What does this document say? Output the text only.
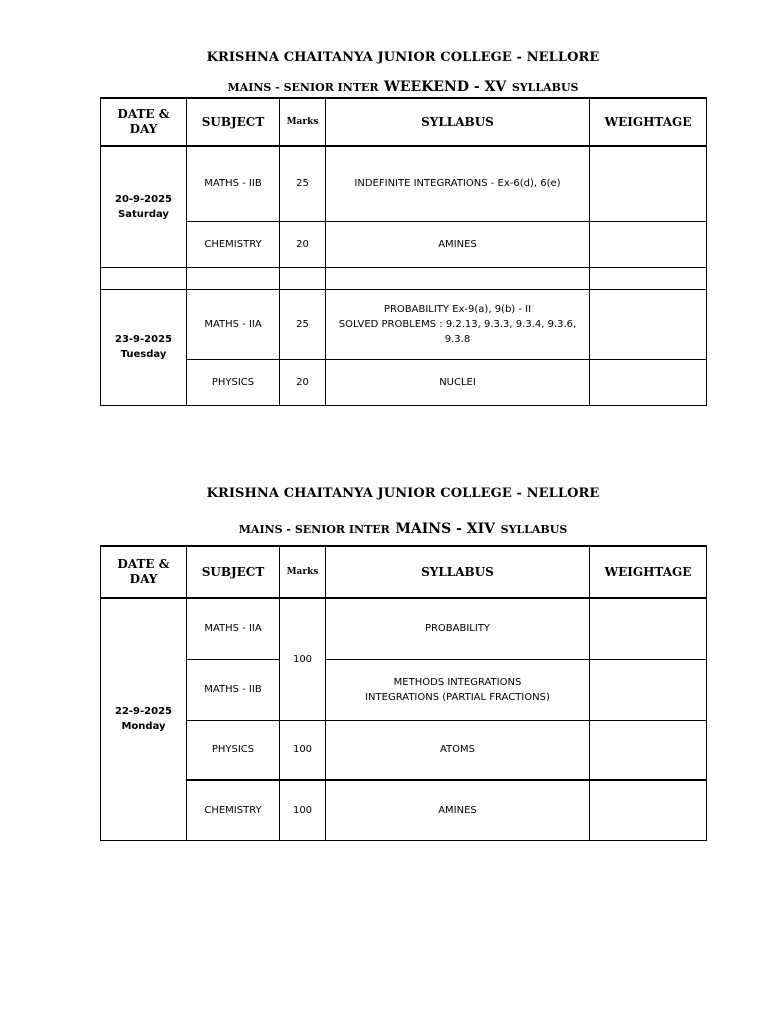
KRISHNA CHAITANYA JUNIOR COLLEGE - NELLORE
MAINS - SENIOR INTER WEEKEND - XV SYLLABUS
DATE & DAY	SUBJECT	Marks	SYLLABUS	WEIGHTAGE

20-9-2025
Saturday	MATHS - IIB	25	INDEFINITE INTEGRATIONS - Ex-6(d), 6(e)	

	CHEMISTRY	20	AMINES	

23-9-2025
Tuesday	MATHS - IIA	25	PROBABILITY Ex-9(a), 9(b) - II
SOLVED PROBLEMS : 9.2.13, 9.3.3, 9.3.4, 9.3.6, 9.3.8	

	PHYSICS	20	NUCLEI	

KRISHNA CHAITANYA JUNIOR COLLEGE - NELLORE
MAINS - SENIOR INTER MAINS - XIV SYLLABUS
DATE & DAY	SUBJECT	Marks	SYLLABUS	WEIGHTAGE

22-9-2025
Monday	MATHS - IIA	100	PROBABILITY	

	MATHS - IIB		METHODS INTEGRATIONS
INTEGRATIONS (PARTIAL FRACTIONS)	

	PHYSICS	100	ATOMS	

	CHEMISTRY	100	AMINES	
